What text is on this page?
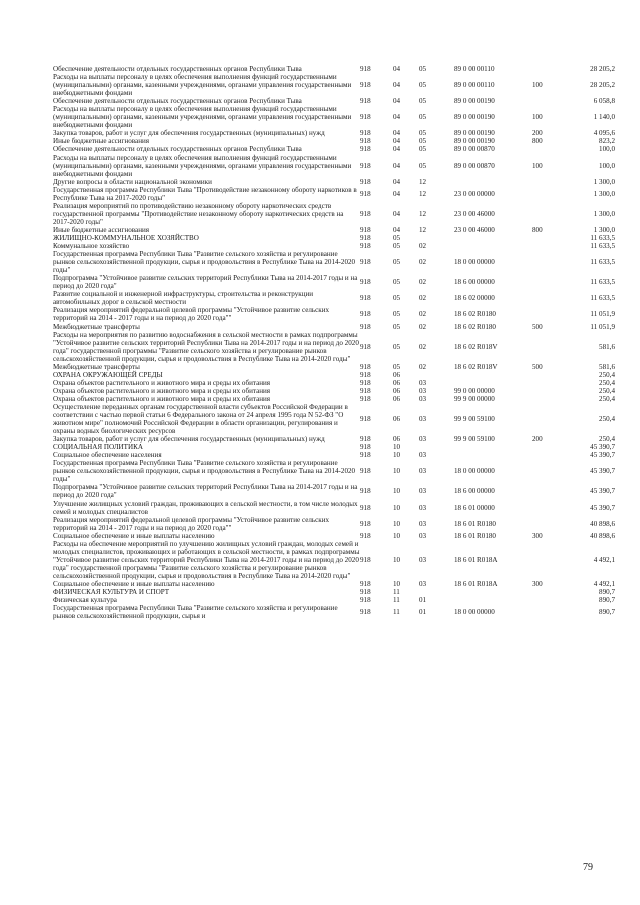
Обеспечение деятельности отдельных государственных органов Республики Тыва	918	04	05	89 0 00 00110		28 205,2
Расходы на выплаты персоналу в целях обеспечения выполнения функций государственными (муниципальными) органами, казенными учреждениями, органами управления государственными внебюджетными фондами	918	04	05	89 0 00 00110	100	28 205,2
Обеспечение деятельности отдельных государственных органов Республики Тыва	918	04	05	89 0 00 00190		6 058,8
Расходы на выплаты персоналу в целях обеспечения выполнения функций государственными (муниципальными) органами, казенными учреждениями, органами управления государственными внебюджетными фондами	918	04	05	89 0 00 00190	100	1 140,0
Закупка товаров, работ и услуг для обеспечения государственных (муниципальных) нужд	918	04	05	89 0 00 00190	200	4 095,6
Иные бюджетные ассигнования	918	04	05	89 0 00 00190	800	823,2
Обеспечение деятельности отдельных государственных органов Республики Тыва	918	04	05	89 0 00 00870		100,0
Расходы на выплаты персоналу в целях обеспечения выполнения функций государственными (муниципальными) органами, казенными учреждениями, органами управления государственными внебюджетными фондами	918	04	05	89 0 00 00870	100	100,0
Другие вопросы в области национальной экономики	918	04	12			1 300,0
Государственная программа Республики Тыва "Противодействие незаконному обороту наркотиков в Республике Тыва на 2017-2020 годы"	918	04	12	23 0 00 00000		1 300,0
Реализация мероприятий по противодействию незаконному обороту наркотических средств государственной программы "Противодействие незаконному обороту наркотических средств на 2017-2020 годы"	918	04	12	23 0 00 46000		1 300,0
Иные бюджетные ассигнования	918	04	12	23 0 00 46000	800	1 300,0
ЖИЛИЩНО-КОММУНАЛЬНОЕ ХОЗЯЙСТВО	918	05				11 633,5
Коммунальное хозяйство	918	05	02			11 633,5
Государственная программа Республики Тыва "Развитие сельского хозяйства и регулирование рынков сельскохозяйственной продукции, сырья и продовольствия в Республике Тыва на 2014-2020 годы"	918	05	02	18 0 00 00000		11 633,5
Подпрограмма "Устойчивое развитие сельских территорий Республики Тыва на 2014-2017 годы и на период до 2020 года"	918	05	02	18 6 00 00000		11 633,5
Развитие социальной и инженерной инфраструктуры, строительства и реконструкции автомобильных дорог в сельской местности	918	05	02	18 6 02 00000		11 633,5
Реализация мероприятий федеральной целевой программы "Устойчивое развитие сельских территорий на 2014 - 2017 годы и на период до 2020 года""	918	05	02	18 6 02 R0180		11 051,9
Межбюджетные трансферты	918	05	02	18 6 02 R0180	500	11 051,9
Расходы на мероприятия по развитию водоснабжения в сельской местности в рамках подпрограммы "Устойчивое развитие сельских территорий Республики Тыва на 2014-2017 годы и на период до 2020 года" государственной программы "Развитие сельского хозяйства и регулирование рынков сельскохозяйственной продукции, сырья и продовольствия в Республике Тыва на 2014-2020 годы"	918	05	02	18 6 02 R018V		581,6
Межбюджетные трансферты	918	05	02	18 6 02 R018V	500	581,6
ОХРАНА ОКРУЖАЮЩЕЙ СРЕДЫ	918	06				250,4
Охрана объектов растительного и животного мира и среды их обитания	918	06	03			250,4
Охрана объектов растительного и животного мира и среды их обитания	918	06	03	99 0 00 00000		250,4
Охрана объектов растительного и животного мира и среды их обитания	918	06	03	99 9 00 00000		250,4
Осуществление переданных органам государственной власти субъектов Российской Федерации в соответствии с частью первой статьи 6 Федерального закона от 24 апреля 1995 года N 52-ФЗ "О животном мире" полномочий Российской Федерации в области организации, регулирования и охраны водных биологических ресурсов	918	06	03	99 9 00 59100		250,4
Закупка товаров, работ и услуг для обеспечения государственных (муниципальных) нужд	918	06	03	99 9 00 59100	200	250,4
СОЦИАЛЬНАЯ ПОЛИТИКА	918	10				45 390,7
Социальное обеспечение населения	918	10	03			45 390,7
Государственная программа Республики Тыва "Развитие сельского хозяйства и регулирование рынков сельскохозяйственной продукции, сырья и продовольствия в Республике Тыва на 2014-2020 годы"	918	10	03	18 0 00 00000		45 390,7
Подпрограмма "Устойчивое развитие сельских территорий Республики Тыва на 2014-2017 годы и на период до 2020 года"	918	10	03	18 6 00 00000		45 390,7
Улучшение жилищных условий граждан, проживающих в сельской местности, в том числе молодых семей и молодых специалистов	918	10	03	18 6 01 00000		45 390,7
Реализация мероприятий федеральной целевой программы "Устойчивое развитие сельских территорий на 2014 - 2017 годы и на период до 2020 года""	918	10	03	18 6 01 R0180		40 898,6
Социальное обеспечение и иные выплаты населению	918	10	03	18 6 01 R0180	300	40 898,6
Расходы на обеспечение мероприятий по улучшению жилищных условий граждан, молодых семей и молодых специалистов, проживающих и работающих в сельской местности, в рамках подпрограммы "Устойчивое развитие сельских территорий Республики Тыва на 2014-2017 годы и на период до 2020 года" государственной программы "Развитие сельского хозяйства и регулирование рынков сельскохозяйственной продукции, сырья и продовольствия в Республике Тыва на 2014-2020 годы"	918	10	03	18 6 01 R018A		4 492,1
Социальное обеспечение и иные выплаты населению	918	10	03	18 6 01 R018A	300	4 492,1
ФИЗИЧЕСКАЯ КУЛЬТУРА И СПОРТ	918	11				890,7
Физическая культура	918	11	01			890,7
Государственная программа Республики Тыва "Развитие сельского хозяйства и регулирование рынков сельскохозяйственной продукции, сырья и	918	11	01	18 0 00 00000		890,7
79
